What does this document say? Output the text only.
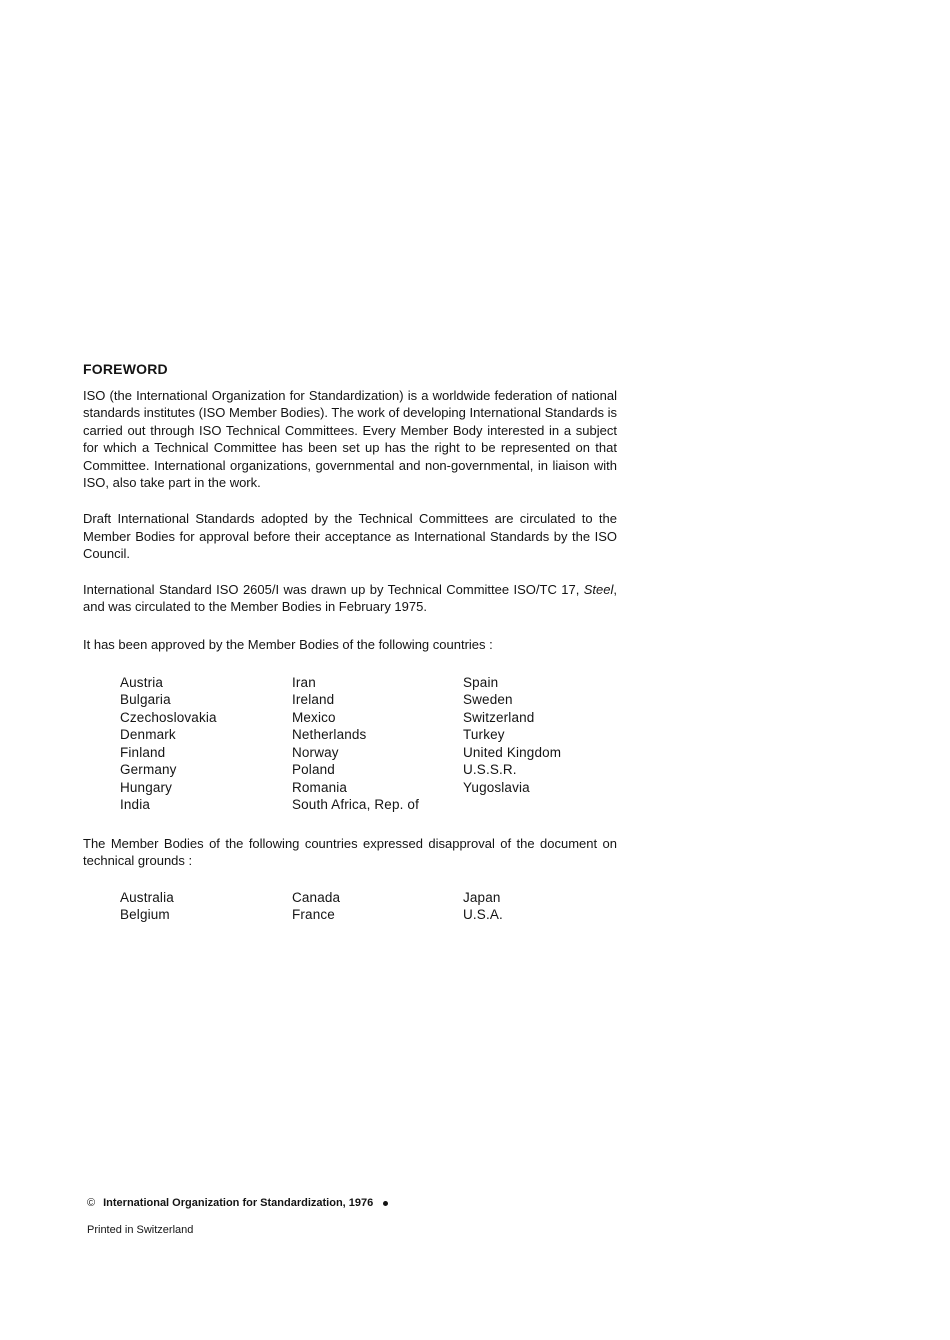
FOREWORD

ISO (the International Organization for Standardization) is a worldwide federation of national standards institutes (ISO Member Bodies). The work of developing International Standards is carried out through ISO Technical Committees. Every Member Body interested in a subject for which a Technical Committee has been set up has the right to be represented on that Committee. International organizations, governmental and non-governmental, in liaison with ISO, also take part in the work.

Draft International Standards adopted by the Technical Committees are circulated to the Member Bodies for approval before their acceptance as International Standards by the ISO Council.

International Standard ISO 2605/I was drawn up by Technical Committee ISO/TC 17, Steel, and was circulated to the Member Bodies in February 1975.

It has been approved by the Member Bodies of the following countries :

Austria
Bulgaria
Czechoslovakia
Denmark
Finland
Germany
Hungary
India
Iran
Ireland
Mexico
Netherlands
Norway
Poland
Romania
South Africa, Rep. of
Spain
Sweden
Switzerland
Turkey
United Kingdom
U.S.S.R.
Yugoslavia

The Member Bodies of the following countries expressed disapproval of the document on technical grounds :

Australia
Belgium
Canada
France
Japan
U.S.A.
© International Organization for Standardization, 1976
Printed in Switzerland
